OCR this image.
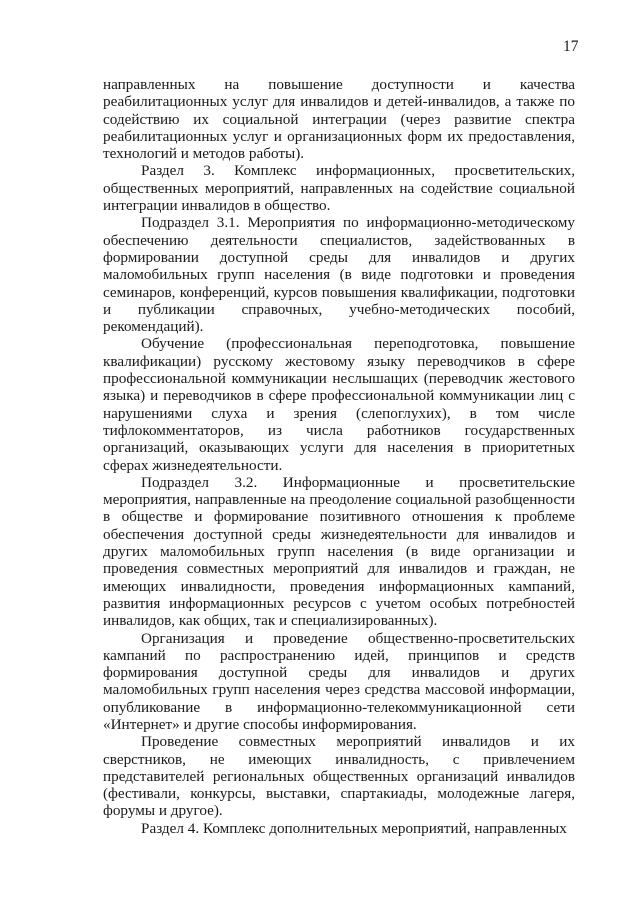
17

направленных на повышение доступности и качества реабилитационных услуг для инвалидов и детей-инвалидов, а также по содействию их социальной интеграции (через развитие спектра реабилитационных услуг и организационных форм их предоставления, технологий и методов работы).

Раздел 3. Комплекс информационных, просветительских, общественных мероприятий, направленных на содействие социальной интеграции инвалидов в общество.

Подраздел 3.1. Мероприятия по информационно-методическому обеспечению деятельности специалистов, задействованных в формировании доступной среды для инвалидов и других маломобильных групп населения (в виде подготовки и проведения семинаров, конференций, курсов повышения квалификации, подготовки и публикации справочных, учебно-методических пособий, рекомендаций).

Обучение (профессиональная переподготовка, повышение квалификации) русскому жестовому языку переводчиков в сфере профессиональной коммуникации неслышащих (переводчик жестового языка) и переводчиков в сфере профессиональной коммуникации лиц с нарушениями слуха и зрения (слепоглухих), в том числе тифлокомментаторов, из числа работников государственных организаций, оказывающих услуги для населения в приоритетных сферах жизнедеятельности.

Подраздел 3.2. Информационные и просветительские мероприятия, направленные на преодоление социальной разобщенности в обществе и формирование позитивного отношения к проблеме обеспечения доступной среды жизнедеятельности для инвалидов и других маломобильных групп населения (в виде организации и проведения совместных мероприятий для инвалидов и граждан, не имеющих инвалидности, проведения информационных кампаний, развития информационных ресурсов с учетом особых потребностей инвалидов, как общих, так и специализированных).

Организация и проведение общественно-просветительских кампаний по распространению идей, принципов и средств формирования доступной среды для инвалидов и других маломобильных групп населения через средства массовой информации, опубликование в информационно-телекоммуникационной сети «Интернет» и другие способы информирования.

Проведение совместных мероприятий инвалидов и их сверстников, не имеющих инвалидность, с привлечением представителей региональных общественных организаций инвалидов (фестивали, конкурсы, выставки, спартакиады, молодежные лагеря, форумы и другое).

Раздел 4. Комплекс дополнительных мероприятий, направленных
